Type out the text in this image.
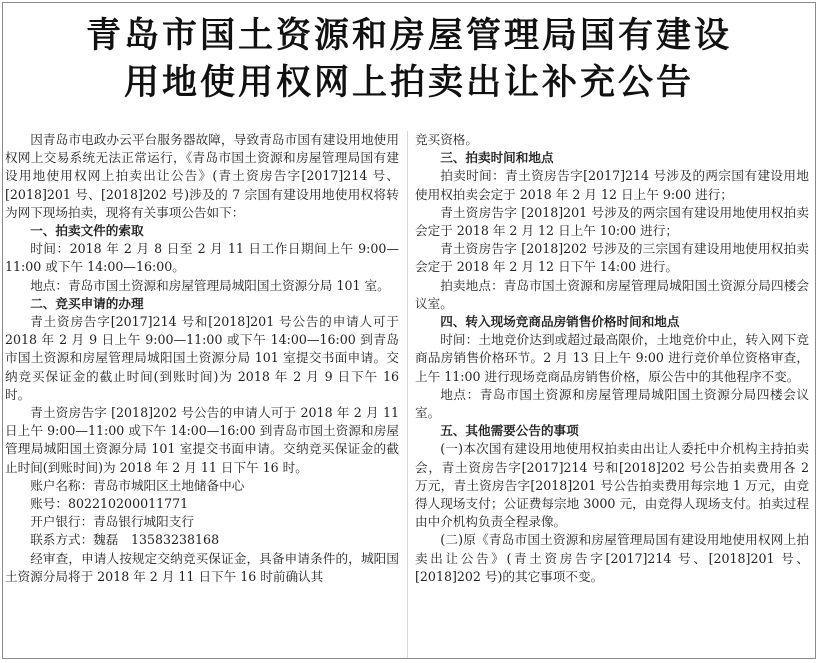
青岛市国土资源和房屋管理局国有建设
用地使用权网上拍卖出让补充公告

因青岛市电政办云平台服务器故障，导致青岛市国有建设用地使用权网上交易系统无法正常运行，《青岛市国土资源和房屋管理局国有建设用地使用权网上拍卖出让公告》(青土资房告字[2017]214 号、[2018]201 号、[2018]202 号)涉及的 7 宗国有建设用地使用权将转为网下现场拍卖，现将有关事项公告如下：

一、拍卖文件的索取

时间：2018 年 2 月 8 日至 2 月 11 日工作日期间上午 9:00—11:00 或下午 14:00—16:00。

地点：青岛市国土资源和房屋管理局城阳国土资源分局 101 室。

二、竞买申请的办理

青土资房告字[2017]214 号和[2018]201 号公告的申请人可于 2018 年 2 月 9 日上午 9:00—11:00 或下午 14:00—16:00 到青岛市国土资源和房屋管理局城阳国土资源分局 101 室提交书面申请。交纳竞买保证金的截止时间(到账时间)为 2018 年 2 月 9 日下午 16 时。

青土资房告字 [2018]202 号公告的申请人可于 2018 年 2 月 11 日上午 9:00—11:00 或下午 14:00—16:00 到青岛市国土资源和房屋管理局城阳国土资源分局 101 室提交书面申请。交纳竞买保证金的截止时间(到账时间)为 2018 年 2 月 11 日下午 16 时。

账户名称：青岛市城阳区土地储备中心

账号：802210200011771

开户银行：青岛银行城阳支行

联系方式：魏磊　13583238168

经审查，申请人按规定交纳竞买保证金，具备申请条件的，城阳国土资源分局将于 2018 年 2 月 11 日下午 16 时前确认其

竞买资格。

三、拍卖时间和地点

拍卖时间：青土资房告字[2017]214 号涉及的两宗国有建设用地使用权拍卖会定于 2018 年 2 月 12 日上午 9:00 进行；

青土资房告字 [2018]201 号涉及的两宗国有建设用地使用权拍卖会定于 2018 年 2 月 12 日上午 10:00 进行；

青土资房告字 [2018]202 号涉及的三宗国有建设用地使用权拍卖会定于 2018 年 2 月 12 日下午 14:00 进行。

拍卖地点：青岛市国土资源和房屋管理局城阳国土资源分局四楼会议室。

四、转入现场竞商品房销售价格时间和地点

时间：土地竞价达到或超过最高限价，土地竞价中止，转入网下竞商品房销售价格环节。2 月 13 日上午 9:00 进行竞价单位资格审查，上午 11:00 进行现场竞商品房销售价格，原公告中的其他程序不变。

地点：青岛市国土资源和房屋管理局城阳国土资源分局四楼会议室。

五、其他需要公告的事项

(一)本次国有建设用地使用权拍卖由出让人委托中介机构主持拍卖会，青土资房告字[2017]214 号和[2018]202 号公告拍卖费用各 2 万元，青土资房告字[2018]201 号公告拍卖费用每宗地 1 万元，由竞得人现场支付；公证费每宗地 3000 元，由竞得人现场支付。拍卖过程由中介机构负责全程录像。

(二)原《青岛市国土资源和房屋管理局国有建设用地使用权网上拍卖出让公告》(青土资房告字[2017]214 号、[2018]201 号、[2018]202 号)的其它事项不变。
